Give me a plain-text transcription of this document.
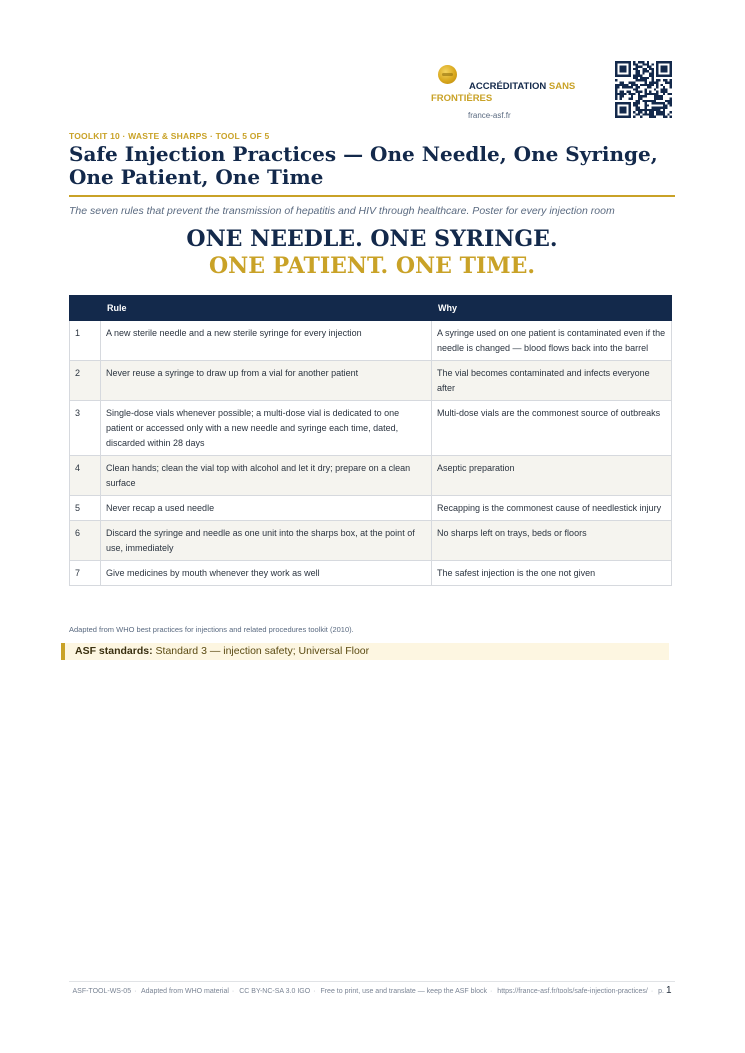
ACCRÉDITATION SANS
FRONTIÈRES
france-asf.fr
TOOLKIT 10 · WASTE & SHARPS · TOOL 5 OF 5
Safe Injection Practices — One Needle, One Syringe, One Patient, One Time
The seven rules that prevent the transmission of hepatitis and HIV through healthcare. Poster for every injection room
ONE NEEDLE. ONE SYRINGE.
ONE PATIENT. ONE TIME.
	Rule	Why
1	A new sterile needle and a new sterile syringe for every injection	A syringe used on one patient is contaminated even if the needle is changed — blood flows back into the barrel
2	Never reuse a syringe to draw up from a vial for another patient	The vial becomes contaminated and infects everyone after
3	Single-dose vials whenever possible; a multi-dose vial is dedicated to one patient or accessed only with a new needle and syringe each time, dated, discarded within 28 days	Multi-dose vials are the commonest source of outbreaks
4	Clean hands; clean the vial top with alcohol and let it dry; prepare on a clean surface	Aseptic preparation
5	Never recap a used needle	Recapping is the commonest cause of needlestick injury
6	Discard the syringe and needle as one unit into the sharps box, at the point of use, immediately	No sharps left on trays, beds or floors
7	Give medicines by mouth whenever they work as well	The safest injection is the one not given
Adapted from WHO best practices for injections and related procedures toolkit (2010).
ASF standards: Standard 3 — injection safety; Universal Floor
ASF-TOOL-WS-05 · Adapted from WHO material · CC BY-NC-SA 3.0 IGO · Free to print, use and translate — keep the ASF block · https://france-asf.fr/tools/safe-injection-practices/ · p. 1
